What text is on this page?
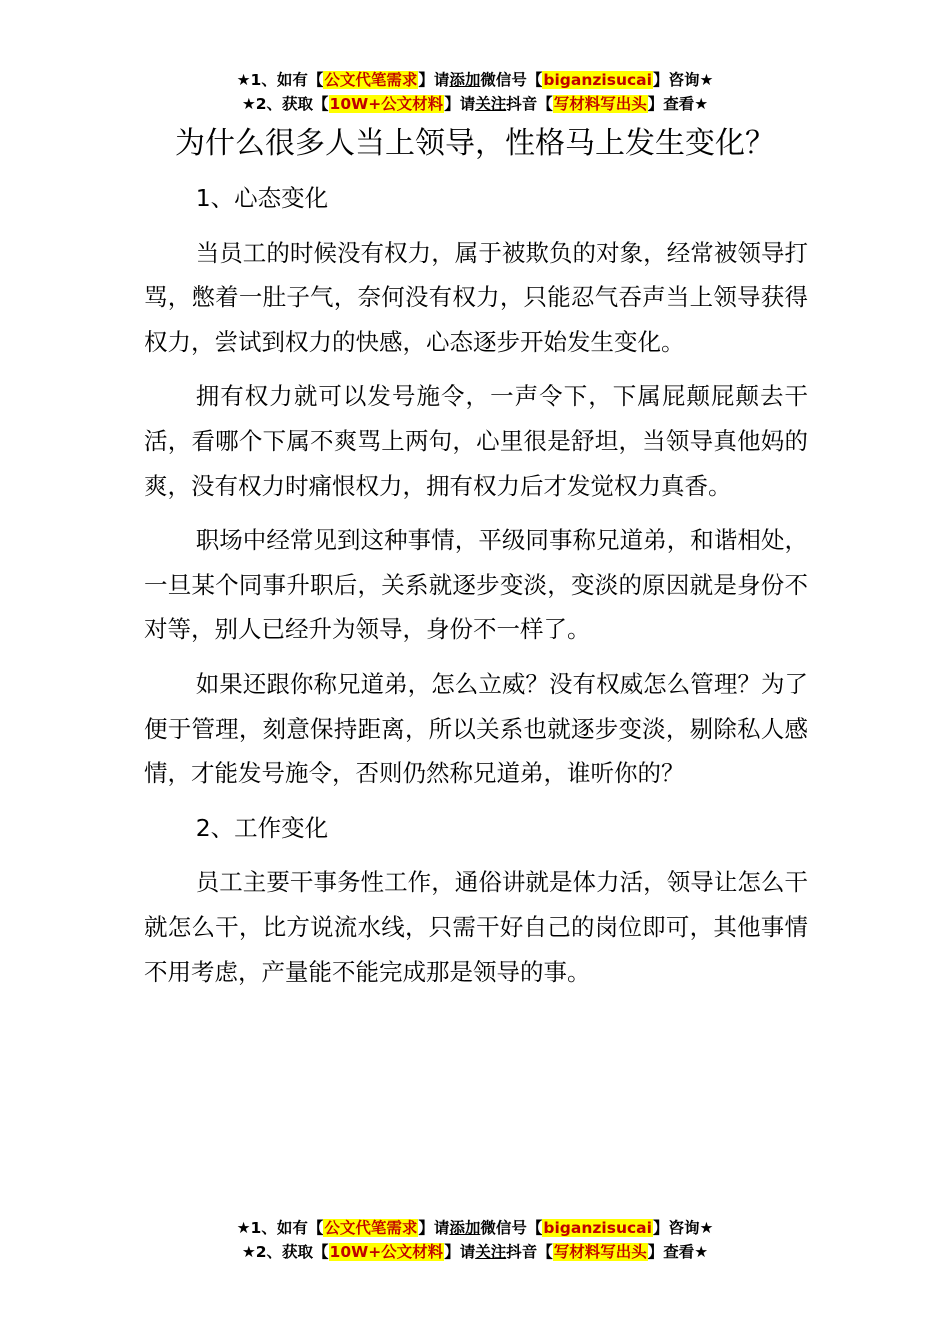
★1、如有【公文代笔需求】请添加微信号【biganzisucai】咨询★
★2、获取【10W+公文材料】请关注抖音【写材料写出头】查看★
为什么很多人当上领导，性格马上发生变化？

1、心态变化

当员工的时候没有权力，属于被欺负的对象，经常被领导打骂，憋着一肚子气，奈何没有权力，只能忍气吞声当上领导获得权力，尝试到权力的快感，心态逐步开始发生变化。

拥有权力就可以发号施令，一声令下，下属屁颠屁颠去干活，看哪个下属不爽骂上两句，心里很是舒坦，当领导真他妈的爽，没有权力时痛恨权力，拥有权力后才发觉权力真香。

职场中经常见到这种事情，平级同事称兄道弟，和谐相处，一旦某个同事升职后，关系就逐步变淡，变淡的原因就是身份不对等，别人已经升为领导，身份不一样了。

如果还跟你称兄道弟，怎么立威？没有权威怎么管理？为了便于管理，刻意保持距离，所以关系也就逐步变淡，剔除私人感情，才能发号施令，否则仍然称兄道弟，谁听你的？

2、工作变化

员工主要干事务性工作，通俗讲就是体力活，领导让怎么干就怎么干，比方说流水线，只需干好自己的岗位即可，其他事情不用考虑，产量能不能完成那是领导的事。

★1、如有【公文代笔需求】请添加微信号【biganzisucai】咨询★
★2、获取【10W+公文材料】请关注抖音【写材料写出头】查看★
